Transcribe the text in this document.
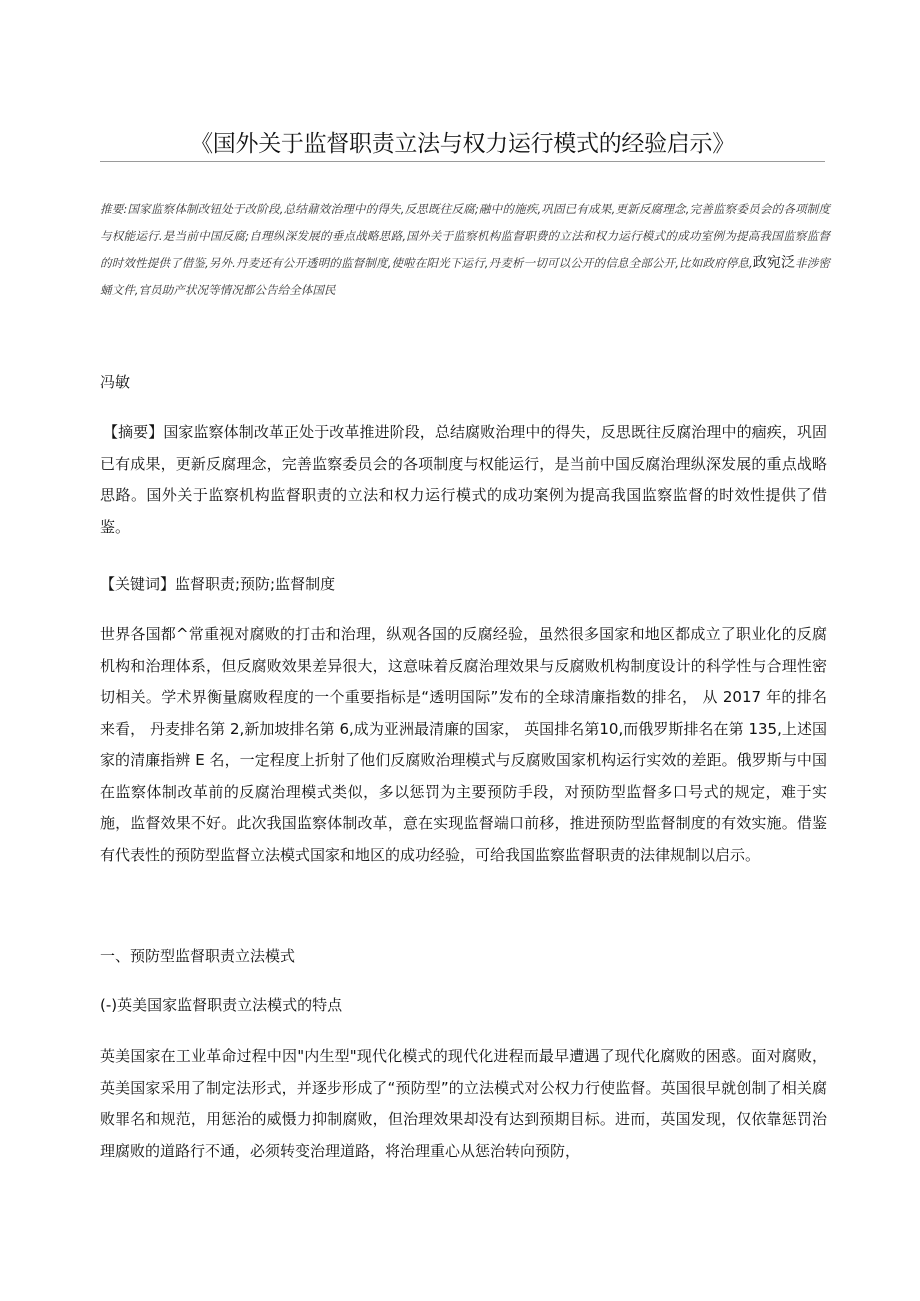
《国外关于监督职责立法与权力运行模式的经验启示》
推要:国家监察体制改钮处于改阶段,总结鼐效治理中的得失,反思既往反腐;融中的施疾,巩固已有成果,更新反腐理念,完善监察委员会的各项制度与权能运行.是当前中国反腐;自理纵深发展的垂点战略思路,国外关于监察机构监督职费的立法和权力运行模式的成功室例为提高我国监察监督的时效性提供了借鉴,另外.丹麦还有公开透明的监督制度,使啦在阳光下运行,丹麦析一切可以公开的信息全部公开,比如政府停息,政宛泛非涉密蛹文件,官员助产状况等情况都公告给全体国民
冯敏
【摘要】国家监察体制改革正处于改革推进阶段，总结腐败治理中的得失，反思既往反腐治理中的痼疾，巩固已有成果，更新反腐理念，完善监察委员会的各项制度与权能运行，是当前中国反腐治理纵深发展的重点战略思路。国外关于监察机构监督职责的立法和权力运行模式的成功案例为提高我国监察监督的时效性提供了借鉴。
【关键词】监督职责;预防;监督制度
世界各国都^常重视对腐败的打击和治理，纵观各国的反腐经验，虽然很多国家和地区都成立了职业化的反腐机构和治理体系，但反腐败效果差异很大，这意味着反腐治理效果与反腐败机构制度设计的科学性与合理性密切相关。学术界衡量腐败程度的一个重要指标是“透明国际”发布的全球清廉指数的排名， 从 2017 年的排名来看， 丹麦排名第 2,新加坡排名第 6,成为亚洲最清廉的国家， 英国排名第10,而俄罗斯排名在第 135,上述国家的清廉指辨 E 名，一定程度上折射了他们反腐败治理模式与反腐败国家机构运行实效的差距。俄罗斯与中国在监察体制改革前的反腐治理模式类似，多以惩罚为主要预防手段，对预防型监督多口号式的规定，难于实施，监督效果不好。此次我国监察体制改革，意在实现监督端口前移，推进预防型监督制度的有效实施。借鉴有代表性的预防型监督立法模式国家和地区的成功经验，可给我国监察监督职责的法律规制以启示。
一、预防型监督职责立法模式
(-)英美国家监督职责立法模式的特点
英美国家在工业革命过程中因"内生型"现代化模式的现代化进程而最早遭遇了现代化腐败的困惑。面对腐败，英美国家采用了制定法形式，并逐步形成了“预防型”的立法模式对公权力行使监督。英国很早就创制了相关腐败罪名和规范，用惩治的威慑力抑制腐败，但治理效果却没有达到预期目标。进而，英国发现，仅依靠惩罚治理腐败的道路行不通，必须转变治理道路，将治理重心从惩治转向预防，
